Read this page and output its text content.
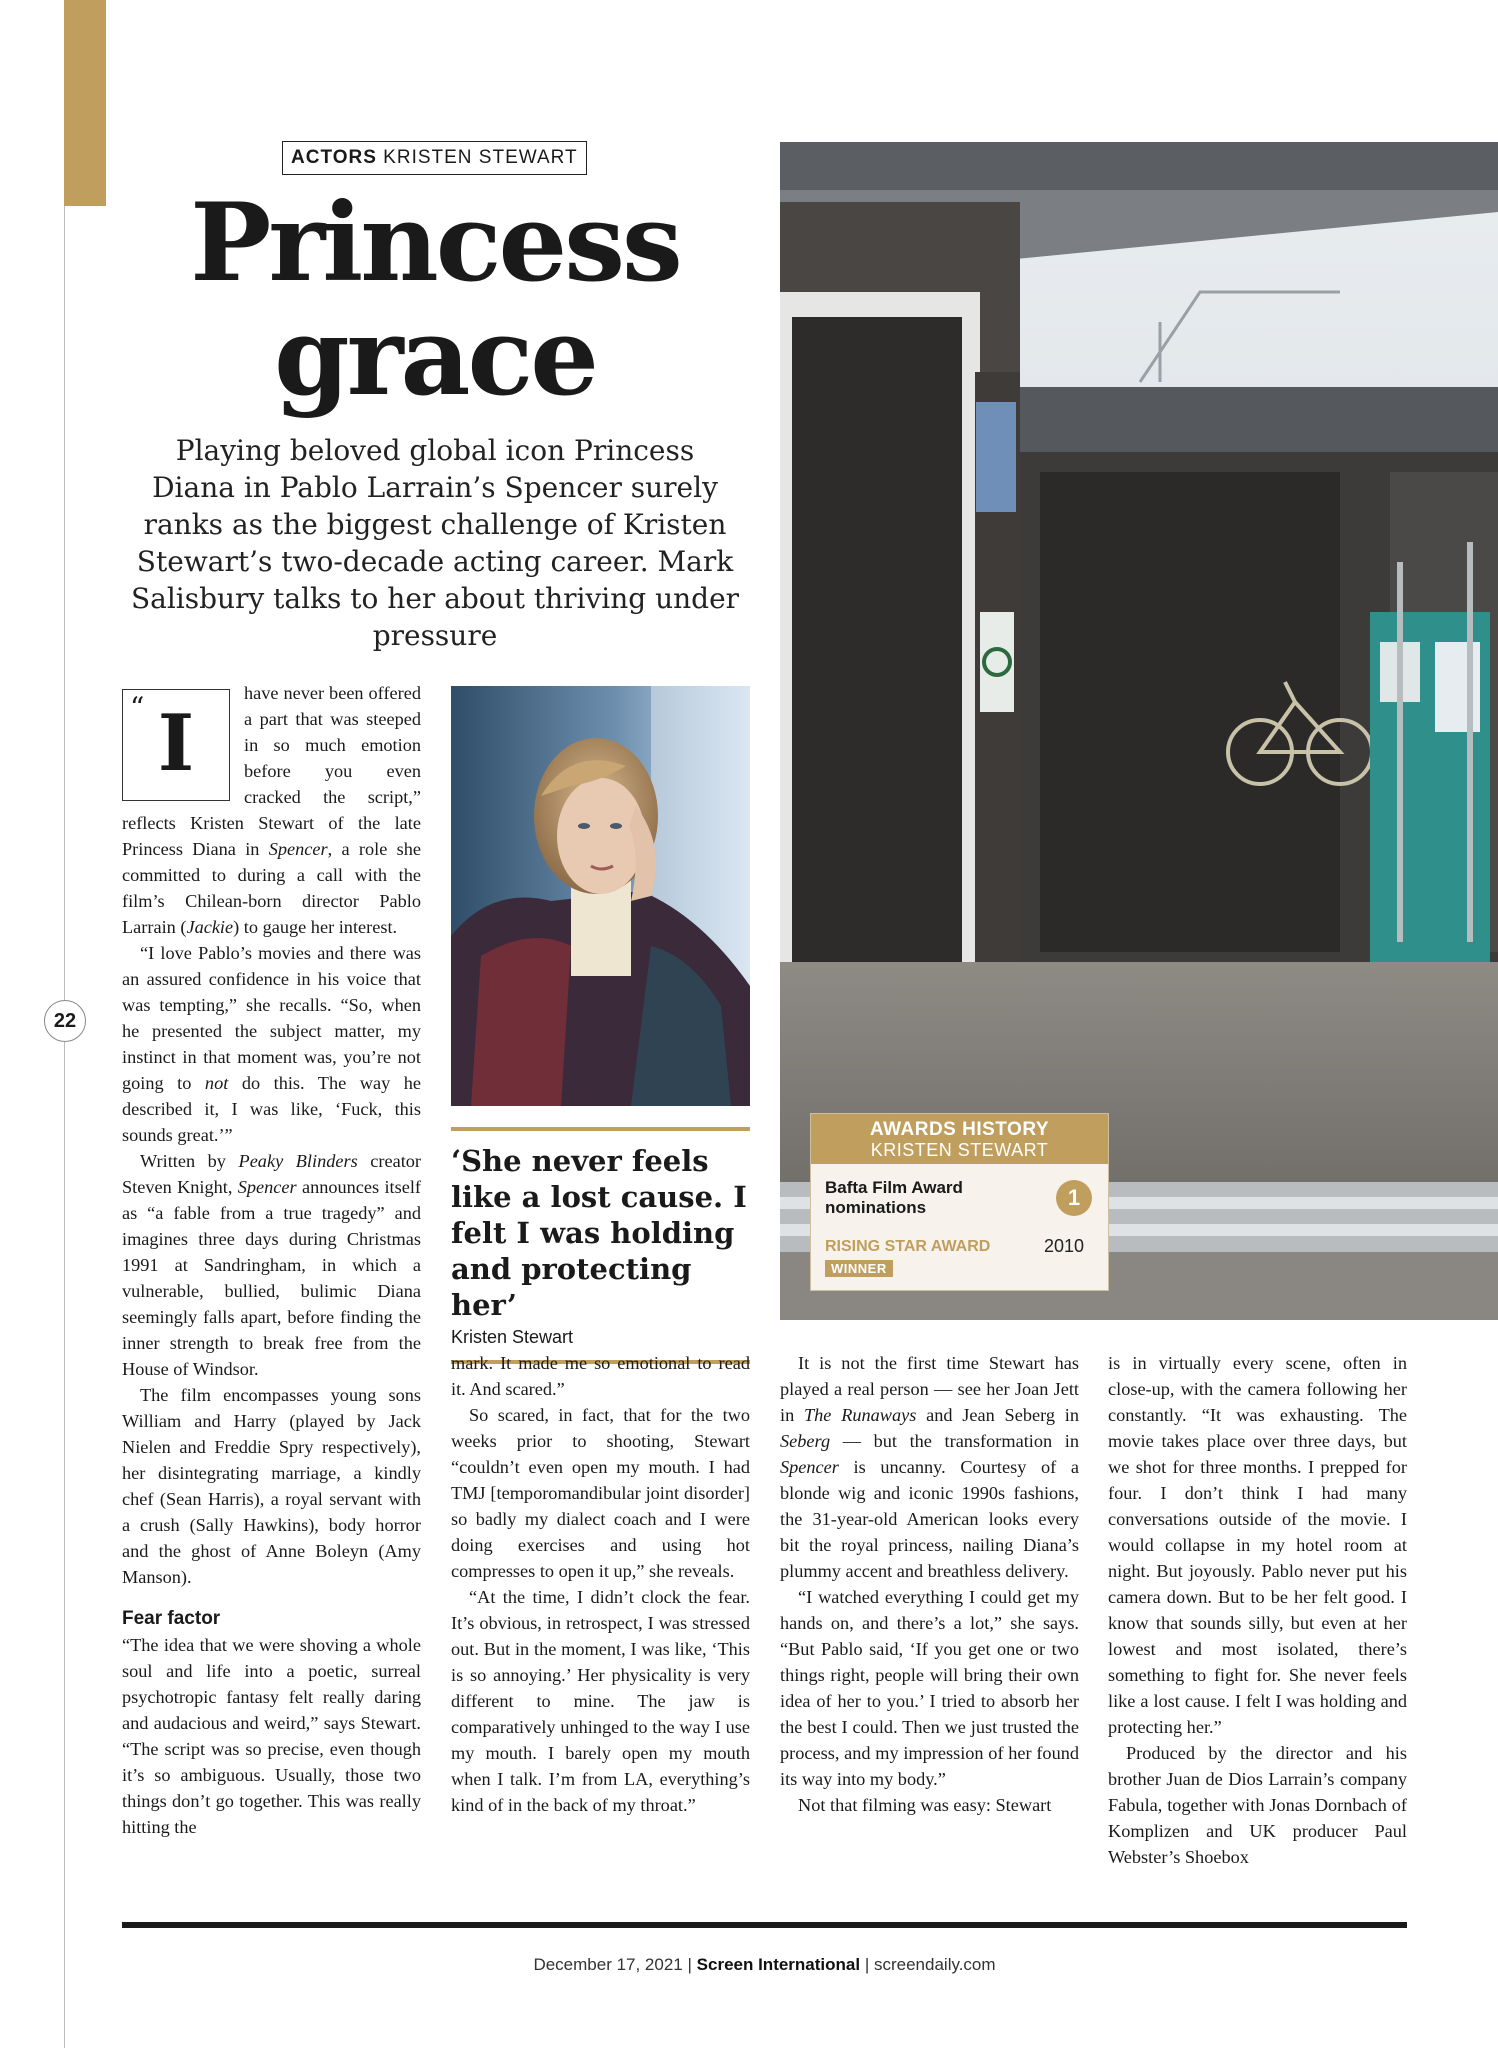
22
ACTORS KRISTEN STEWART
Princess
grace
Playing beloved global icon Princess Diana in Pablo Larrain’s Spencer surely ranks as the biggest challenge of Kristen Stewart’s two-decade acting career. Mark Salisbury talks to her about thriving under pressure
“ I

have never been offered a part that was steeped in so much emotion before you even cracked the script,” reflects Kristen Stewart of the late Princess Diana in Spencer, a role she committed to during a call with the film’s Chilean-born director Pablo Larrain (Jackie) to gauge her interest.

“I love Pablo’s movies and there was an assured confidence in his voice that was tempting,” she recalls. “So, when he presented the subject matter, my instinct in that moment was, you’re not going to not do this. The way he described it, I was like, ‘Fuck, this sounds great.’”

Written by Peaky Blinders creator Steven Knight, Spencer announces itself as “a fable from a true tragedy” and imagines three days during Christmas 1991 at Sandringham, in which a vulnerable, bullied, bulimic Diana seemingly falls apart, before finding the inner strength to break free from the House of Windsor.

The film encompasses young sons William and Harry (played by Jack Nielen and Freddie Spry respectively), her disintegrating marriage, a kindly chef (Sean Harris), a royal servant with a crush (Sally Hawkins), body horror and the ghost of Anne Boleyn (Amy Manson).

Fear factor

“The idea that we were shoving a whole soul and life into a poetic, surreal psychotropic fantasy felt really daring and audacious and weird,” says Stewart. “The script was so precise, even though it’s so ambiguous. Usually, those two things don’t go together. This was really hitting the

‘She never feels like a lost cause. I felt I was holding and protecting her’
Kristen Stewart
AWARDS HISTORY
KRISTEN STEWART
Bafta Film Award nominations	1
RISING STAR AWARD	2010
WINNER

mark. It made me so emotional to read it. And scared.”

So scared, in fact, that for the two weeks prior to shooting, Stewart “couldn’t even open my mouth. I had TMJ [temporomandibular joint disorder] so badly my dialect coach and I were doing exercises and using hot compresses to open it up,” she reveals.

“At the time, I didn’t clock the fear. It’s obvious, in retrospect, I was stressed out. But in the moment, I was like, ‘This is so annoying.’ Her physicality is very different to mine. The jaw is comparatively unhinged to the way I use my mouth. I barely open my mouth when I talk. I’m from LA, everything’s kind of in the back of my throat.”

It is not the first time Stewart has played a real person — see her Joan Jett in The Runaways and Jean Seberg in Seberg — but the transformation in Spencer is uncanny. Courtesy of a blonde wig and iconic 1990s fashions, the 31-year-old American looks every bit the royal princess, nailing Diana’s plummy accent and breathless delivery.

“I watched everything I could get my hands on, and there’s a lot,” she says. “But Pablo said, ‘If you get one or two things right, people will bring their own idea of her to you.’ I tried to absorb her the best I could. Then we just trusted the process, and my impression of her found its way into my body.”

Not that filming was easy: Stewart

is in virtually every scene, often in close-up, with the camera following her constantly. “It was exhausting. The movie takes place over three days, but we shot for three months. I prepped for four. I don’t think I had many conversations outside of the movie. I would collapse in my hotel room at night. But joyously. Pablo never put his camera down. But to be her felt good. I know that sounds silly, but even at her lowest and most isolated, there’s something to fight for. She never feels like a lost cause. I felt I was holding and protecting her.”

Produced by the director and his brother Juan de Dios Larrain’s company Fabula, together with Jonas Dornbach of Komplizen and UK producer Paul Webster’s Shoebox

December 17, 2021 | Screen International | screendaily.com
